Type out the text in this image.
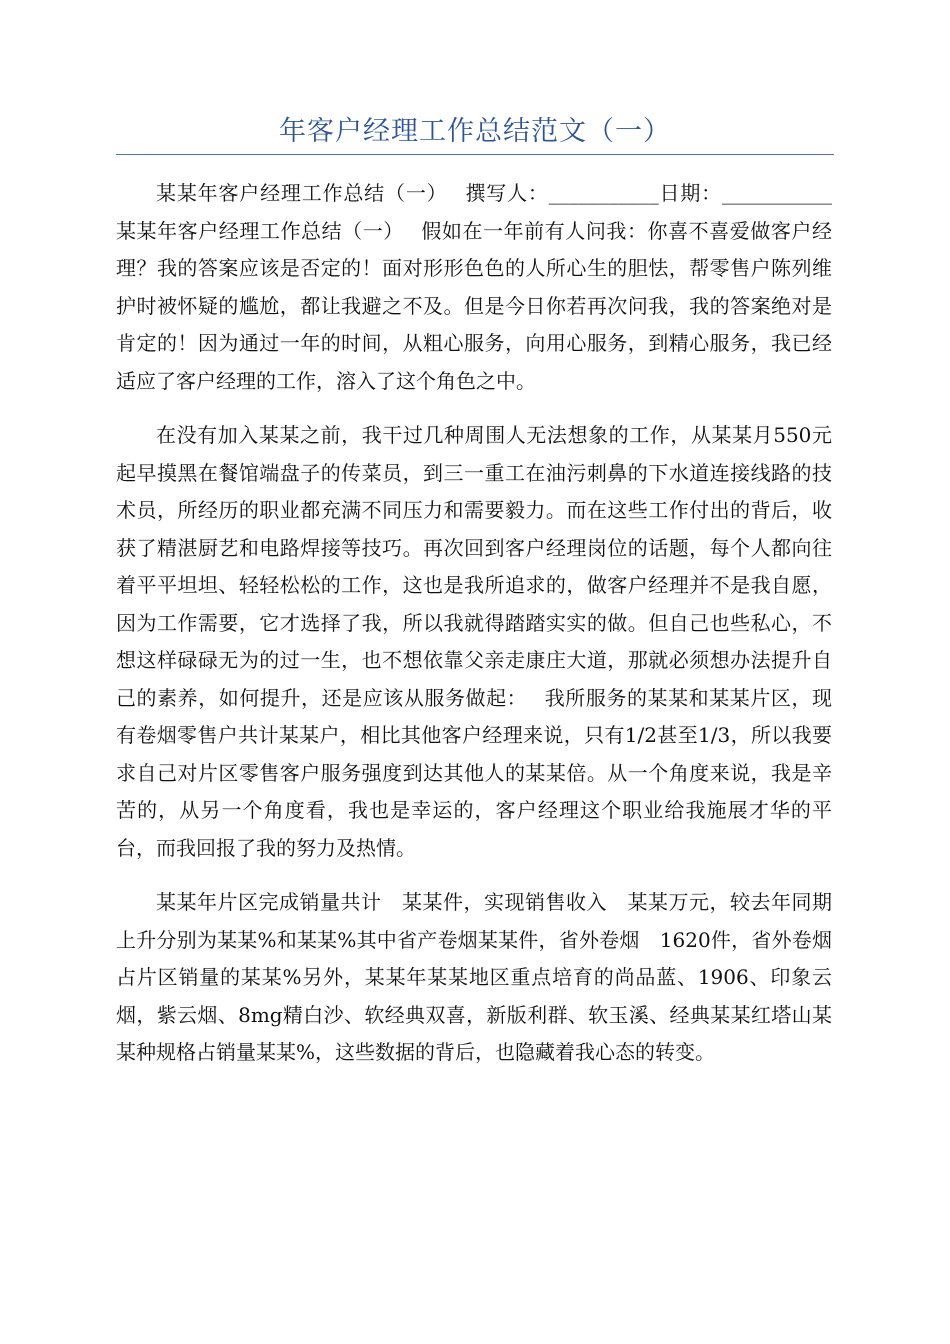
年客户经理工作总结范文（一）

某某年客户经理工作总结（一）　 撰写人：___________日期：___________某某年客户经理工作总结（一）　 假如在一年前有人问我：你喜不喜爱做客户经理？我的答案应该是否定的！面对形形色色的人所心生的胆怯，帮零售户陈列维护时被怀疑的尴尬，都让我避之不及。但是今日你若再次问我，我的答案绝对是肯定的！因为通过一年的时间，从粗心服务，向用心服务，到精心服务，我已经适应了客户经理的工作，溶入了这个角色之中。

在没有加入某某之前，我干过几种周围人无法想象的工作，从某某月550元起早摸黑在餐馆端盘子的传菜员，到三一重工在油污刺鼻的下水道连接线路的技术员，所经历的职业都充满不同压力和需要毅力。而在这些工作付出的背后，收获了精湛厨艺和电路焊接等技巧。再次回到客户经理岗位的话题，每个人都向往着平平坦坦、轻轻松松的工作，这也是我所追求的，做客户经理并不是我自愿，因为工作需要，它才选择了我，所以我就得踏踏实实的做。但自己也些私心，不想这样碌碌无为的过一生，也不想依靠父亲走康庄大道，那就必须想办法提升自己的素养，如何提升，还是应该从服务做起：　 我所服务的某某和某某片区，现有卷烟零售户共计某某户，相比其他客户经理来说，只有1/2甚至1/3，所以我要求自己对片区零售客户服务强度到达其他人的某某倍。从一个角度来说，我是辛苦的，从另一个角度看，我也是幸运的，客户经理这个职业给我施展才华的平台，而我回报了我的努力及热情。

某某年片区完成销量共计　某某件，实现销售收入　某某万元，较去年同期上升分别为某某%和某某%其中省产卷烟某某件，省外卷烟　1620件，省外卷烟占片区销量的某某%另外，某某年某某地区重点培育的尚品蓝、1906、印象云烟，紫云烟、8mg精白沙、软经典双喜，新版利群、软玉溪、经典某某红塔山某某种规格占销量某某%，这些数据的背后，也隐藏着我心态的转变。
